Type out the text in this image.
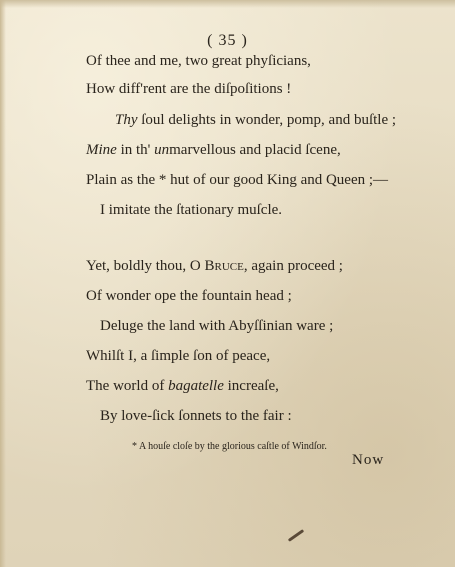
( 35 )
Of thee and me, two great phyſicians,
How diff'rent are the diſpoſitions !
Thy ſoul delights in wonder, pomp, and buſtle ;
Mine in th' unmarvellous and placid ſcene,
Plain as the * hut of our good King and Queen ;—
I imitate the ſtationary muſcle.
Yet, boldly thou, O Bruce, again proceed ;
Of wonder ope the fountain head ;
Deluge the land with Abyſſinian ware ;
Whilſt I, a ſimple ſon of peace,
The world of bagatelle increaſe,
By love-ſick ſonnets to the fair :
* A houſe cloſe by the glorious caſtle of Windſor.
Now
